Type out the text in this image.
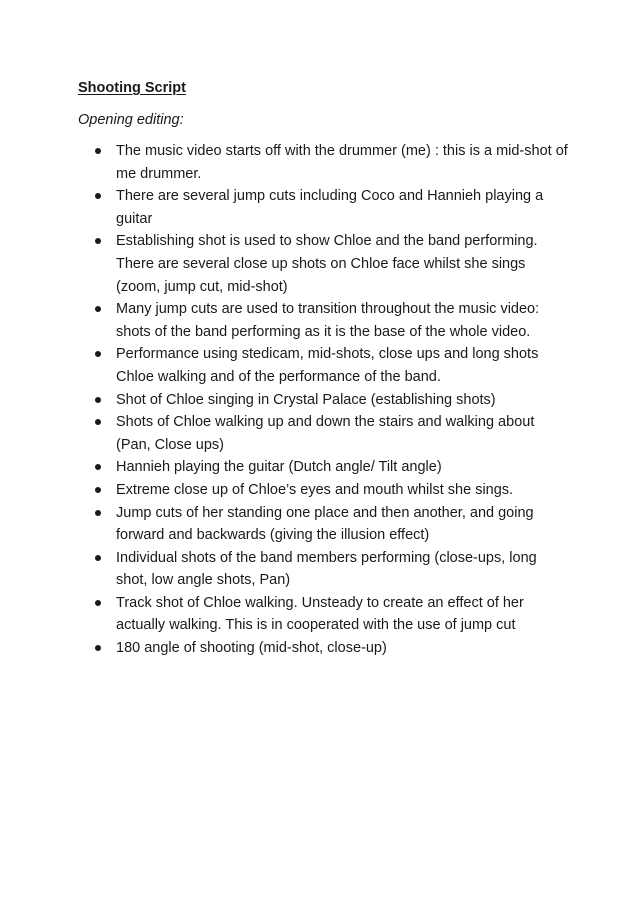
Shooting Script
Opening editing:
The music video starts off with the drummer (me) : this is a mid-shot of me drummer.
There are several jump cuts including Coco and Hannieh playing a guitar
Establishing shot is used to show Chloe and the band performing. There are several close up shots on Chloe face whilst she sings (zoom, jump cut, mid-shot)
Many jump cuts are used to transition throughout the music video: shots of the band performing as it is the base of the whole video.
Performance using stedicam, mid-shots, close ups and long shots Chloe walking and of the performance of the band.
Shot of Chloe singing in Crystal Palace (establishing shots)
Shots of Chloe walking up and down the stairs and walking about (Pan, Close ups)
Hannieh playing the guitar (Dutch angle/ Tilt angle)
Extreme close up of Chloe’s eyes and mouth whilst she sings.
Jump cuts of her standing one place and then another, and going forward and backwards (giving the illusion effect)
Individual shots of the band members performing (close-ups, long shot, low angle shots, Pan)
Track shot of Chloe walking. Unsteady to create an effect of her actually walking. This is in cooperated with the use of jump cut
180 angle of shooting (mid-shot, close-up)
